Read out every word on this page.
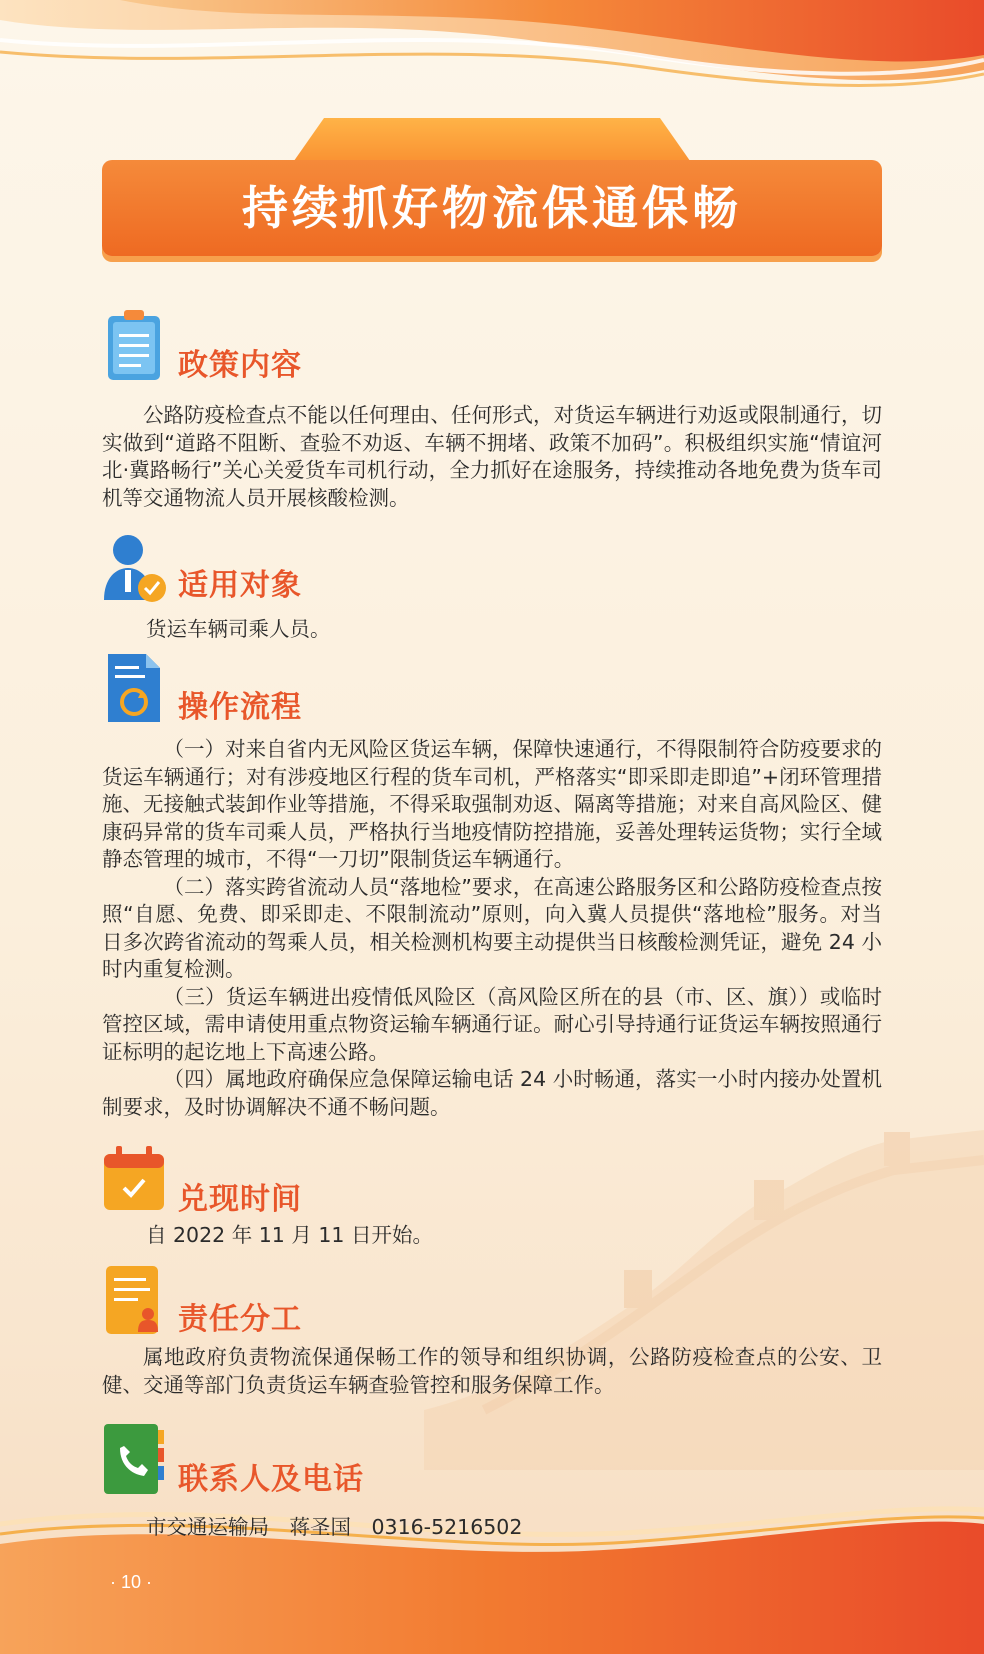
持续抓好物流保通保畅
政策内容

公路防疫检查点不能以任何理由、任何形式，对货运车辆进行劝返或限制通行，切实做到“道路不阻断、查验不劝返、车辆不拥堵、政策不加码”。积极组织实施“情谊河北·冀路畅行”关心关爱货车司机行动，全力抓好在途服务，持续推动各地免费为货车司机等交通物流人员开展核酸检测。

适用对象
货运车辆司乘人员。
操作流程

（一）对来自省内无风险区货运车辆，保障快速通行，不得限制符合防疫要求的货运车辆通行；对有涉疫地区行程的货车司机，严格落实“即采即走即追”+闭环管理措施、无接触式装卸作业等措施，不得采取强制劝返、隔离等措施；对来自高风险区、健康码异常的货车司乘人员，严格执行当地疫情防控措施，妥善处理转运货物；实行全域静态管理的城市，不得“一刀切”限制货运车辆通行。

（二）落实跨省流动人员“落地检”要求，在高速公路服务区和公路防疫检查点按照“自愿、免费、即采即走、不限制流动”原则，向入冀人员提供“落地检”服务。对当日多次跨省流动的驾乘人员，相关检测机构要主动提供当日核酸检测凭证，避免 24 小时内重复检测。

（三）货运车辆进出疫情低风险区（高风险区所在的县（市、区、旗））或临时管控区域，需申请使用重点物资运输车辆通行证。耐心引导持通行证货运车辆按照通行证标明的起讫地上下高速公路。

（四）属地政府确保应急保障运输电话 24 小时畅通，落实一小时内接办处置机制要求，及时协调解决不通不畅问题。

兑现时间
自 2022 年 11 月 11 日开始。
责任分工

属地政府负责物流保通保畅工作的领导和组织协调，公路防疫检查点的公安、卫健、交通等部门负责货运车辆查验管控和服务保障工作。

联系人及电话
市交通运输局　蒋圣国　0316-5216502
· 10 ·
